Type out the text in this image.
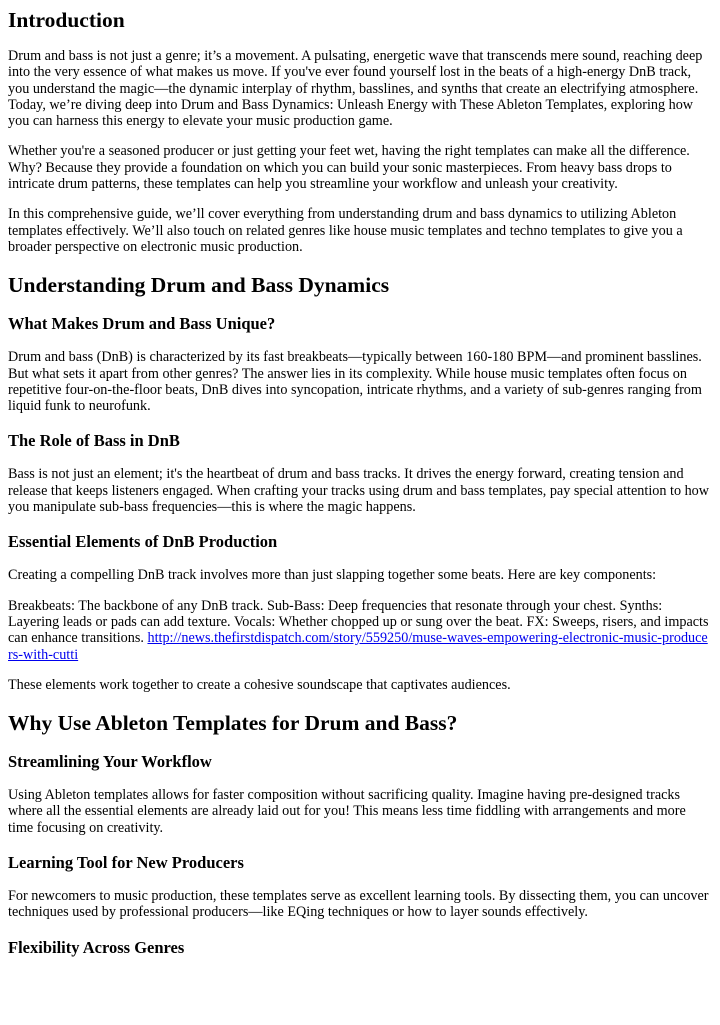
Introduction

Drum and bass is not just a genre; it’s a movement. A pulsating, energetic wave that transcends mere sound, reaching deep into the very essence of what makes us move. If you've ever found yourself lost in the beats of a high-energy DnB track, you understand the magic—the dynamic interplay of rhythm, basslines, and synths that create an electrifying atmosphere. Today, we’re diving deep into Drum and Bass Dynamics: Unleash Energy with These Ableton Templates, exploring how you can harness this energy to elevate your music production game.

Whether you're a seasoned producer or just getting your feet wet, having the right templates can make all the difference. Why? Because they provide a foundation on which you can build your sonic masterpieces. From heavy bass drops to intricate drum patterns, these templates can help you streamline your workflow and unleash your creativity.

In this comprehensive guide, we’ll cover everything from understanding drum and bass dynamics to utilizing Ableton templates effectively. We’ll also touch on related genres like house music templates and techno templates to give you a broader perspective on electronic music production.

Understanding Drum and Bass Dynamics
What Makes Drum and Bass Unique?

Drum and bass (DnB) is characterized by its fast breakbeats—typically between 160-180 BPM—and prominent basslines. But what sets it apart from other genres? The answer lies in its complexity. While house music templates often focus on repetitive four-on-the-floor beats, DnB dives into syncopation, intricate rhythms, and a variety of sub-genres ranging from liquid funk to neurofunk.

The Role of Bass in DnB

Bass is not just an element; it's the heartbeat of drum and bass tracks. It drives the energy forward, creating tension and release that keeps listeners engaged. When crafting your tracks using drum and bass templates, pay special attention to how you manipulate sub-bass frequencies—this is where the magic happens.

Essential Elements of DnB Production

Creating a compelling DnB track involves more than just slapping together some beats. Here are key components:

Breakbeats: The backbone of any DnB track. Sub-Bass: Deep frequencies that resonate through your chest. Synths: Layering leads or pads can add texture. Vocals: Whether chopped up or sung over the beat. FX: Sweeps, risers, and impacts can enhance transitions. http://news.thefirstdispatch.com/story/559250/muse-waves-empowering-electronic-music-producers-with-cutti

These elements work together to create a cohesive soundscape that captivates audiences.

Why Use Ableton Templates for Drum and Bass?
Streamlining Your Workflow

Using Ableton templates allows for faster composition without sacrificing quality. Imagine having pre-designed tracks where all the essential elements are already laid out for you! This means less time fiddling with arrangements and more time focusing on creativity.

Learning Tool for New Producers

For newcomers to music production, these templates serve as excellent learning tools. By dissecting them, you can uncover techniques used by professional producers—like EQing techniques or how to layer sounds effectively.

Flexibility Across Genres
